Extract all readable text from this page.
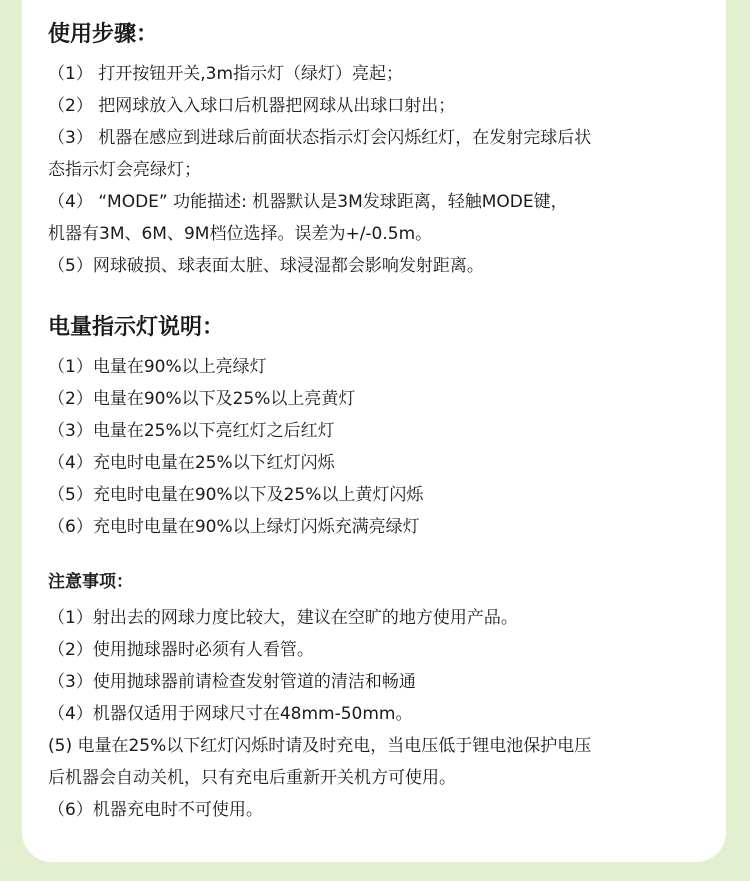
使用步骤：
（1） 打开按钮开关,3m指示灯（绿灯）亮起；
（2） 把网球放入入球口后机器把网球从出球口射出；
（3） 机器在感应到进球后前面状态指示灯会闪烁红灯，在发射完球后状
态指示灯会亮绿灯；
（4） “MODE” 功能描述: 机器默认是3M发球距离，轻触MODE键，
机器有3M、6M、9M档位选择。误差为+/-0.5m。
（5）网球破损、球表面太脏、球浸湿都会影响发射距离。
电量指示灯说明：
（1）电量在90%以上亮绿灯
（2）电量在90%以下及25%以上亮黄灯
（3）电量在25%以下亮红灯之后红灯
（4）充电时电量在25%以下红灯闪烁
（5）充电时电量在90%以下及25%以上黄灯闪烁
（6）充电时电量在90%以上绿灯闪烁充满亮绿灯
注意事项：
（1）射出去的网球力度比较大，建议在空旷的地方使用产品。
（2）使用抛球器时必须有人看管。
（3）使用抛球器前请检查发射管道的清洁和畅通
（4）机器仅适用于网球尺寸在48mm-50mm。
(5) 电量在25%以下红灯闪烁时请及时充电，当电压低于锂电池保护电压
后机器会自动关机，只有充电后重新开关机方可使用。
（6）机器充电时不可使用。
